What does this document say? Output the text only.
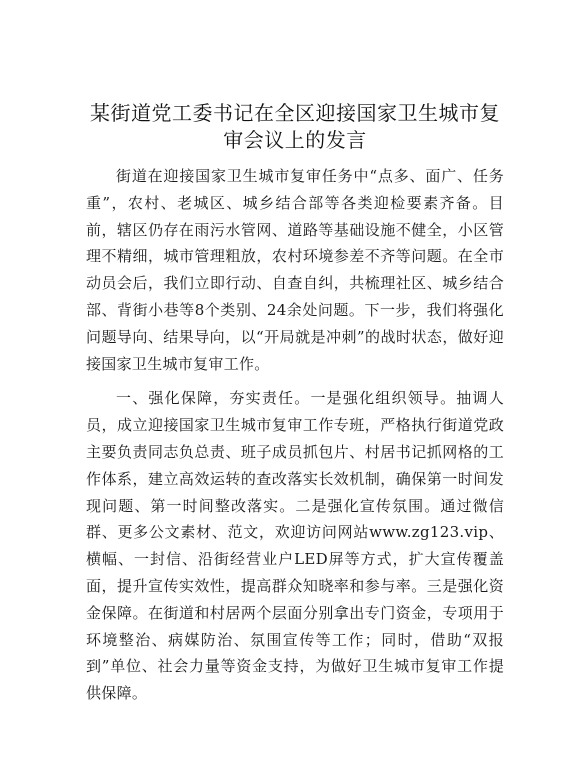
某街道党工委书记在全区迎接国家卫生城市复审会议上的发言

街道在迎接国家卫生城市复审任务中“点多、面广、任务重”，农村、老城区、城乡结合部等各类迎检要素齐备。目前，辖区仍存在雨污水管网、道路等基础设施不健全，小区管理不精细，城市管理粗放，农村环境参差不齐等问题。在全市动员会后，我们立即行动、自查自纠，共梳理社区、城乡结合部、背街小巷等8个类别、24余处问题。下一步，我们将强化问题导向、结果导向，以“开局就是冲刺”的战时状态，做好迎接国家卫生城市复审工作。

一、强化保障，夯实责任。一是强化组织领导。抽调人员，成立迎接国家卫生城市复审工作专班，严格执行街道党政主要负责同志负总责、班子成员抓包片、村居书记抓网格的工作体系，建立高效运转的查改落实长效机制，确保第一时间发现问题、第一时间整改落实。二是强化宣传氛围。通过微信群、更多公文素材、范文，欢迎访问网站www.zg123.vip、横幅、一封信、沿街经营业户LED屏等方式，扩大宣传覆盖面，提升宣传实效性，提高群众知晓率和参与率。三是强化资金保障。在街道和村居两个层面分别拿出专门资金，专项用于环境整治、病媒防治、氛围宣传等工作；同时，借助“双报到”单位、社会力量等资金支持，为做好卫生城市复审工作提供保障。
